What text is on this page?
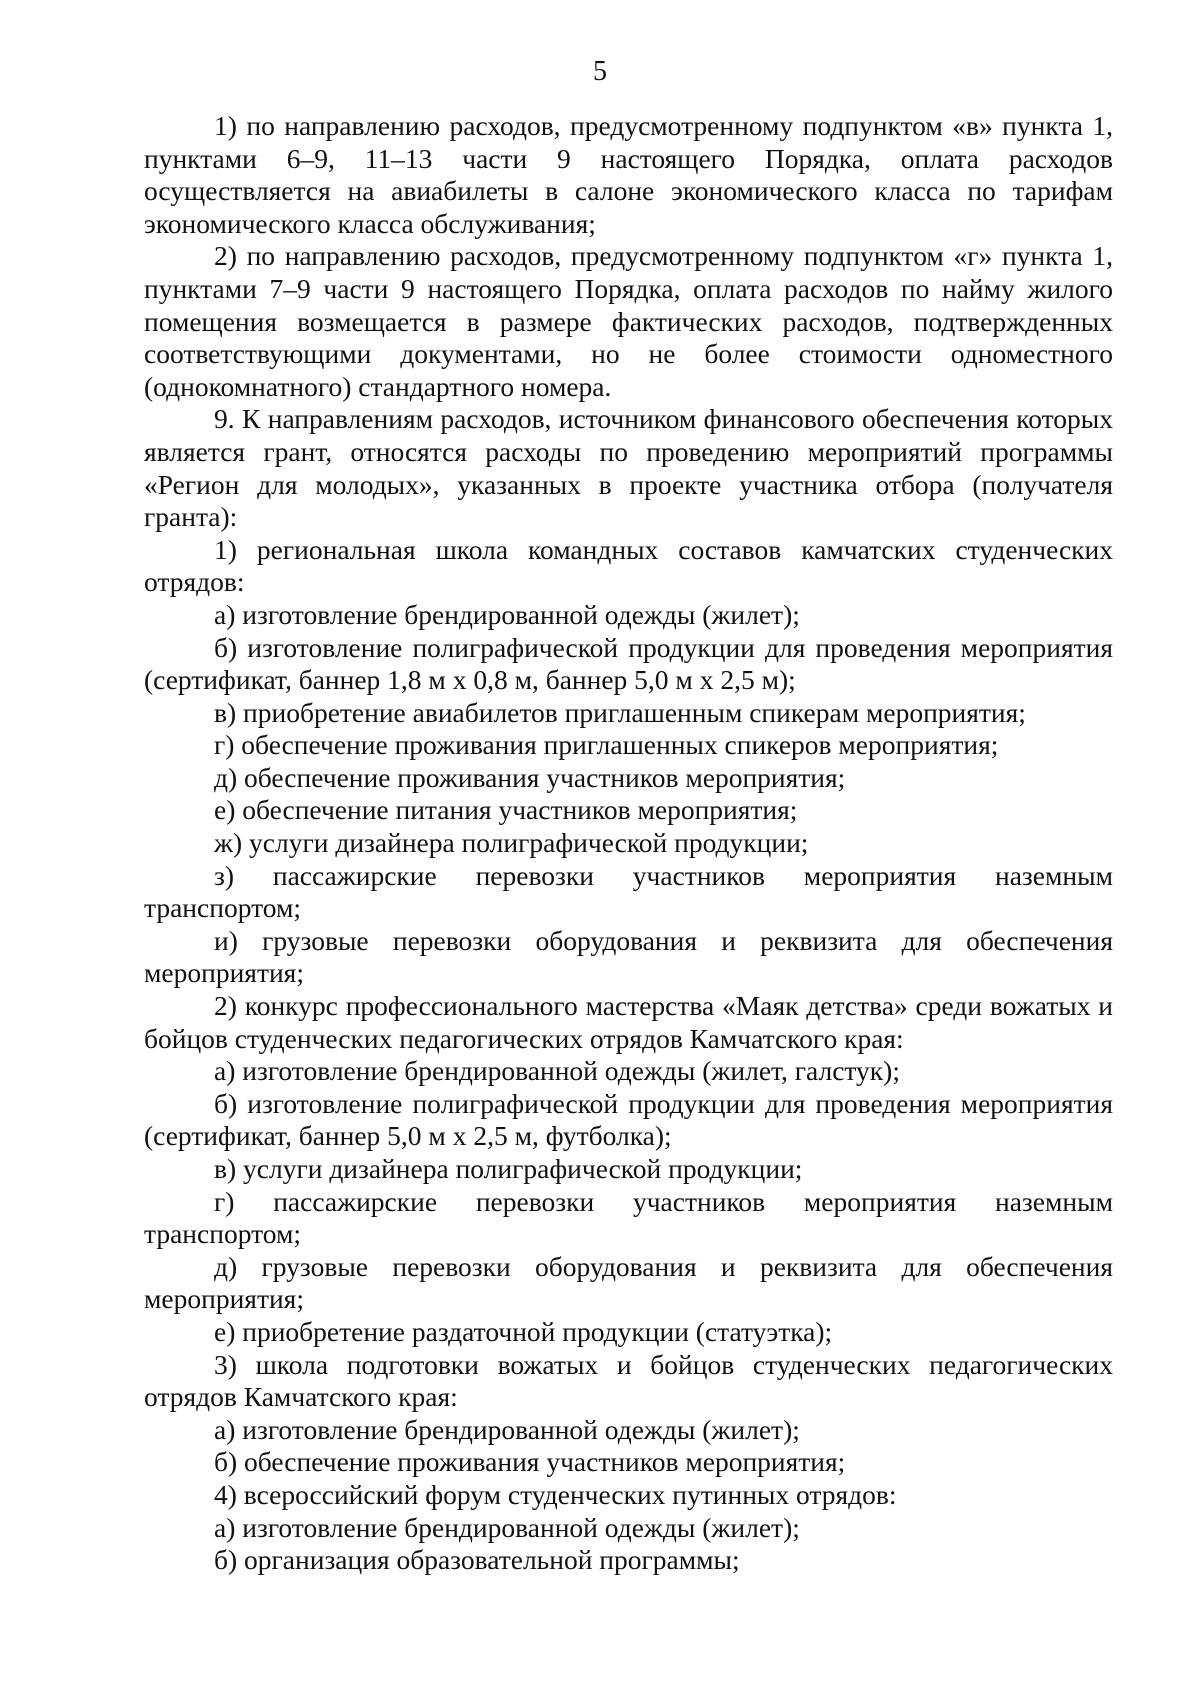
5

1) по направлению расходов, предусмотренному подпунктом «в» пункта 1, пунктами 6–9, 11–13 части 9 настоящего Порядка, оплата расходов осуществляется на авиабилеты в салоне экономического класса по тарифам экономического класса обслуживания;

2) по направлению расходов, предусмотренному подпунктом «г» пункта 1, пунктами 7–9 части 9 настоящего Порядка, оплата расходов по найму жилого помещения возмещается в размере фактических расходов, подтвержденных соответствующими документами, но не более стоимости одноместного (однокомнатного) стандартного номера.

9. К направлениям расходов, источником финансового обеспечения которых является грант, относятся расходы по проведению мероприятий программы «Регион для молодых», указанных в проекте участника отбора (получателя гранта):

1) региональная школа командных составов камчатских студенческих отрядов:

а) изготовление брендированной одежды (жилет);

б) изготовление полиграфической продукции для проведения мероприятия (сертификат, баннер 1,8 м х 0,8 м, баннер 5,0 м х 2,5 м);

в) приобретение авиабилетов приглашенным спикерам мероприятия;

г) обеспечение проживания приглашенных спикеров мероприятия;

д) обеспечение проживания участников мероприятия;

е) обеспечение питания участников мероприятия;

ж) услуги дизайнера полиграфической продукции;

з) пассажирские перевозки участников мероприятия наземным транспортом;

и) грузовые перевозки оборудования и реквизита для обеспечения мероприятия;

2) конкурс профессионального мастерства «Маяк детства» среди вожатых и бойцов студенческих педагогических отрядов Камчатского края:

а) изготовление брендированной одежды (жилет, галстук);

б) изготовление полиграфической продукции для проведения мероприятия (сертификат, баннер 5,0 м х 2,5 м, футболка);

в) услуги дизайнера полиграфической продукции;

г) пассажирские перевозки участников мероприятия наземным транспортом;

д) грузовые перевозки оборудования и реквизита для обеспечения мероприятия;

е) приобретение раздаточной продукции (статуэтка);

3) школа подготовки вожатых и бойцов студенческих педагогических отрядов Камчатского края:

а) изготовление брендированной одежды (жилет);

б) обеспечение проживания участников мероприятия;

4) всероссийский форум студенческих путинных отрядов:

а) изготовление брендированной одежды (жилет);

б) организация образовательной программы;
